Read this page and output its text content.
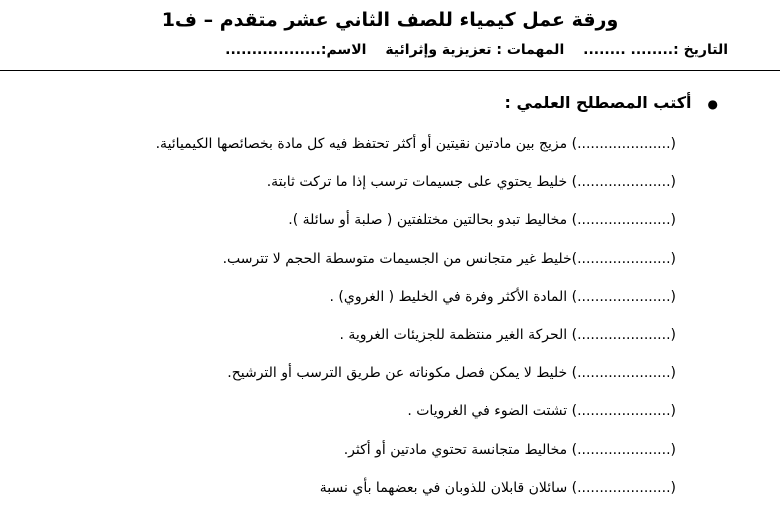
ورقة عمل كيمياء للصف الثاني عشر متقدم – ف1
التاريخ :........ ........ المهمات : تعزيزية وإثرائية الاسم:..................
●أكتب المصطلح العلمي :
(.....................) مزيج بين مادتين نقيتين أو أكثر تحتفظ فيه كل مادة بخصائصها الكيميائية.
(.....................) خليط يحتوي على جسيمات ترسب إذا ما تركت ثابتة.
(.....................) مخاليط تبدو بحالتين مختلفتين ( صلبة أو سائلة ).
(.....................)خليط غير متجانس من الجسيمات متوسطة الحجم لا تترسب.
(.....................) المادة الأكثر وفرة في الخليط ( الغروي) .
(.....................) الحركة الغير منتظمة للجزيئات الغروية .
(.....................) خليط لا يمكن فصل مكوناته عن طريق الترسب أو الترشيح.
(.....................) تشتت الضوء في الغرويات .
(.....................) مخاليط متجانسة تحتوي مادتين أو أكثر.
(.....................) سائلان قابلان للذوبان في بعضهما بأي نسبة
